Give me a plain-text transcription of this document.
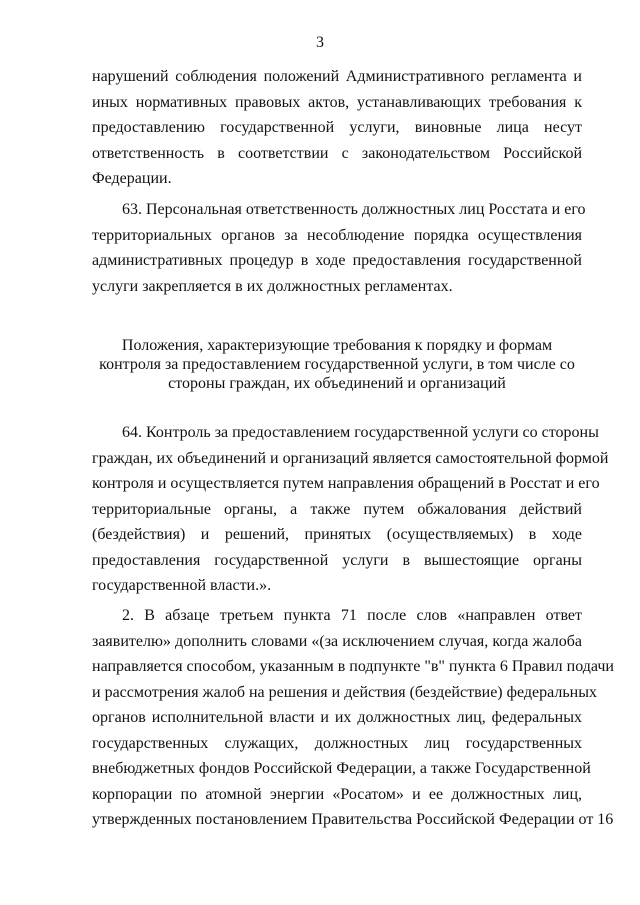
3
нарушений соблюдения положений Административного регламента и
иных нормативных правовых актов, устанавливающих требования к
предоставлению государственной услуги, виновные лица несут
ответственность в соответствии с законодательством Российской
Федерации.
63. Персональная ответственность должностных лиц Росстата и его
территориальных органов за несоблюдение порядка осуществления
административных процедур в ходе предоставления государственной
услуги закрепляется в их должностных регламентах.
Положения, характеризующие требования к порядку и формам
контроля за предоставлением государственной услуги, в том числе со
стороны граждан, их объединений и организаций
64. Контроль за предоставлением государственной услуги со стороны
граждан, их объединений и организаций является самостоятельной формой
контроля и осуществляется путем направления обращений в Росстат и его
территориальные органы, а также путем обжалования действий
(бездействия) и решений, принятых (осуществляемых) в ходе
предоставления государственной услуги в вышестоящие органы
государственной власти.».
2. В абзаце третьем пункта 71 после слов «направлен ответ
заявителю» дополнить словами «(за исключением случая, когда жалоба
направляется способом, указанным в подпункте "в" пункта 6 Правил подачи
и рассмотрения жалоб на решения и действия (бездействие) федеральных
органов исполнительной власти и их должностных лиц, федеральных
государственных служащих, должностных лиц государственных
внебюджетных фондов Российской Федерации, а также Государственной
корпорации по атомной энергии «Росатом» и ее должностных лиц,
утвержденных постановлением Правительства Российской Федерации от 16
